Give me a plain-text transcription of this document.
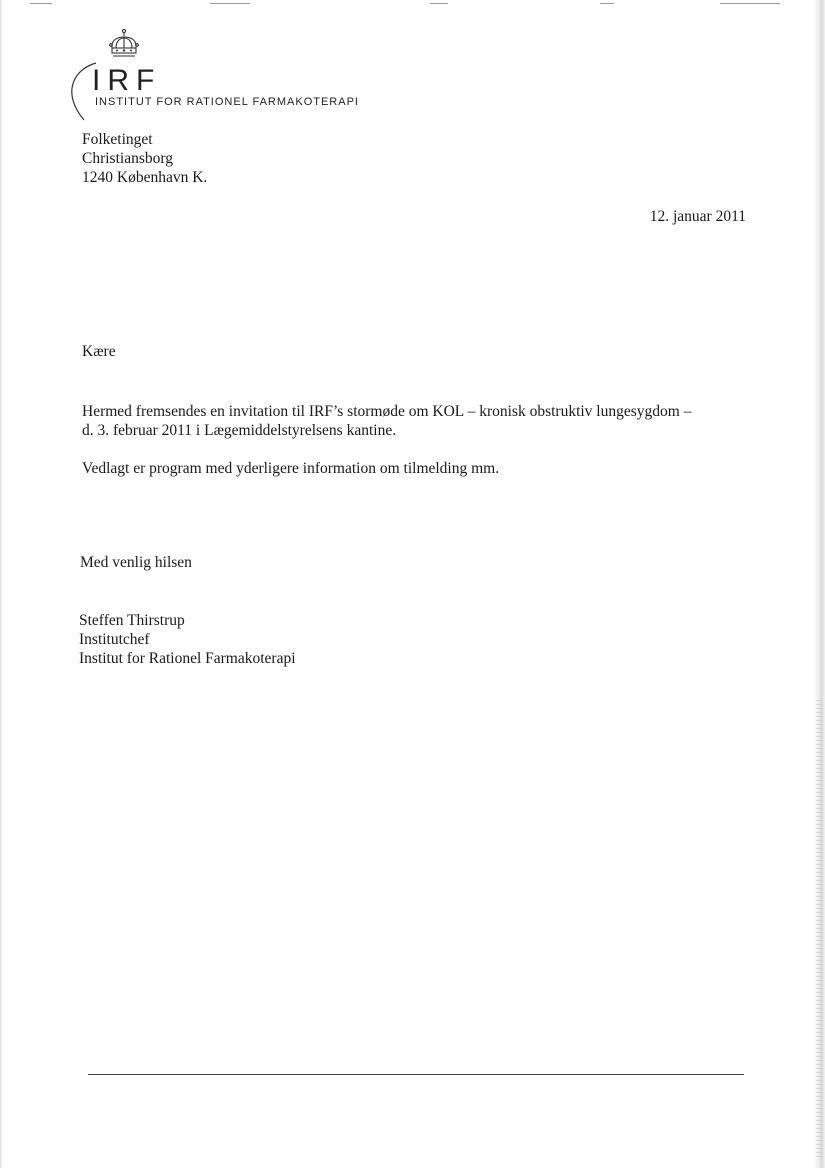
IRF
INSTITUT FOR RATIONEL FARMAKOTERAPI
Folketinget
Christiansborg
1240 København K.
12. januar 2011
Kære
Hermed fremsendes en invitation til IRF’s stormøde om KOL – kronisk obstruktiv lungesygdom –
d. 3. februar 2011 i Lægemiddelstyrelsens kantine.
Vedlagt er program med yderligere information om tilmelding mm.
Med venlig hilsen
Steffen Thirstrup
Institutchef
Institut for Rationel Farmakoterapi
